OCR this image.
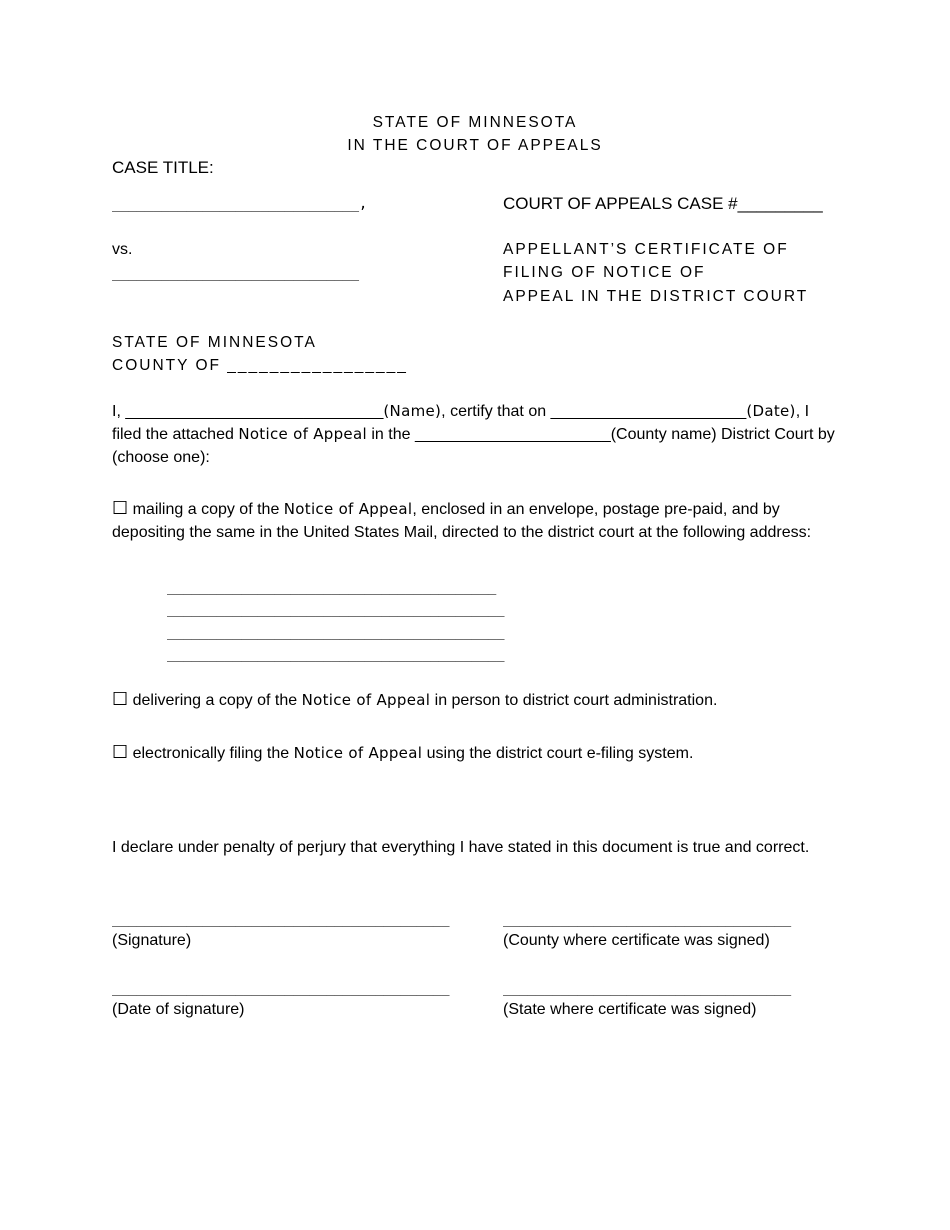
STATE OF MINNESOTA
IN THE COURT OF APPEALS
CASE TITLE:
______________________________,	COURT OF APPEALS CASE #_________
vs.
______________________________
APPELLANT’S CERTIFICATE OF
FILING OF NOTICE OF
APPEAL IN THE DISTRICT COURT
STATE OF MINNESOTA
COUNTY OF _________________
I, _____________________________(Name), certify that on ______________________(Date), I filed the attached Notice of Appeal in the ______________________(County name) District Court by (choose one):
☐ mailing a copy of the Notice of Appeal, enclosed in an envelope, postage pre-paid, and by depositing the same in the United States Mail, directed to the district court at the following address:
________________________________________
_________________________________________
_________________________________________
_________________________________________
☐ delivering a copy of the Notice of Appeal in person to district court administration.
☐ electronically filing the Notice of Appeal using the district court e-filing system.
I declare under penalty of perjury that everything I have stated in this document is true and correct.
_________________________________________	___________________________________
(Signature)	(County where certificate was signed)
_________________________________________	___________________________________
(Date of signature)	(State where certificate was signed)
